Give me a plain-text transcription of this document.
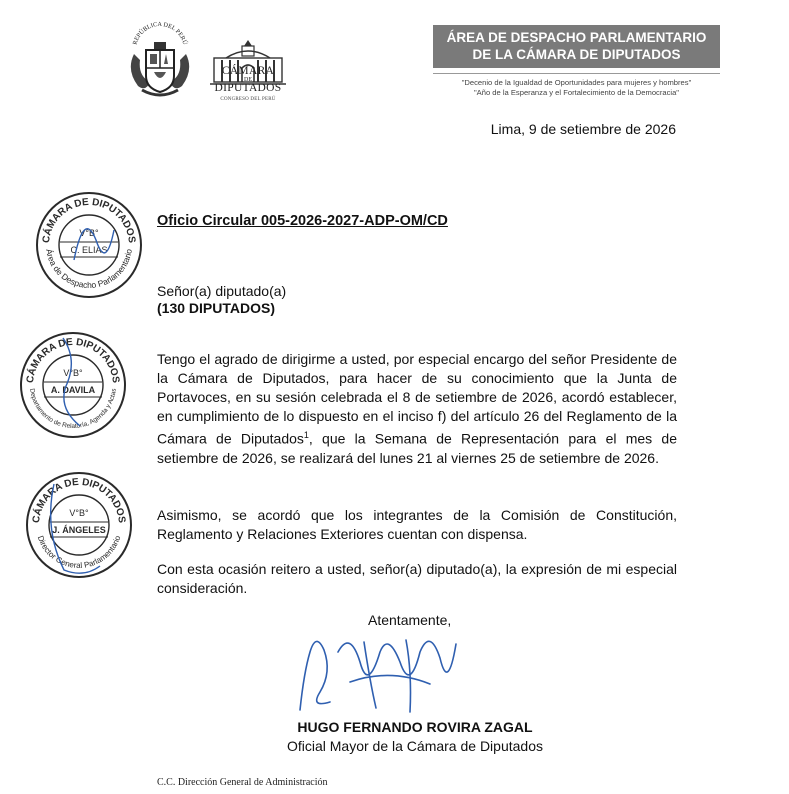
REPÚBLICA DEL PERÚ
CÁMARA
DE
DIPUTADOS
CONGRESO DEL PERÚ
ÁREA DE DESPACHO PARLAMENTARIO
DE LA CÁMARA DE DIPUTADOS
"Decenio de la Igualdad de Oportunidades para mujeres y hombres"
"Año de la Esperanza y el Fortalecimiento de la Democracia"
Lima, 9 de setiembre de 2026
Oficio Circular 005-2026-2027-ADP-OM/CD
Señor(a) diputado(a)
(130 DIPUTADOS)
Tengo el agrado de dirigirme a usted, por especial encargo del señor Presidente de la Cámara de Diputados, para hacer de su conocimiento que la Junta de Portavoces, en su sesión celebrada el 8 de setiembre de 2026, acordó establecer, en cumplimiento de lo dispuesto en el inciso f) del artículo 26 del Reglamento de la Cámara de Diputados$^1$, que la Semana de Representación para el mes de setiembre de 2026, se realizará del lunes 21 al viernes 25 de setiembre de 2026.
Asimismo, se acordó que los integrantes de la Comisión de Constitución, Reglamento y Relaciones Exteriores cuentan con dispensa.
Con esta ocasión reitero a usted, señor(a) diputado(a), la expresión de mi especial consideración.
Atentamente,
HUGO FERNANDO ROVIRA ZAGAL
Oficial Mayor de la Cámara de Diputados
C.C. Dirección General de Administración
CÁMARA DE DIPUTADOS
Área de Despacho Parlamentario
V°B°
C. ELIAS
CÁMARA DE DIPUTADOS
Departamento de Relatoría, Agenda y Actas
V°B°
A. DAVILA
CÁMARA DE DIPUTADOS
Director General Parlamentario
V°B°
J. ÁNGELES
